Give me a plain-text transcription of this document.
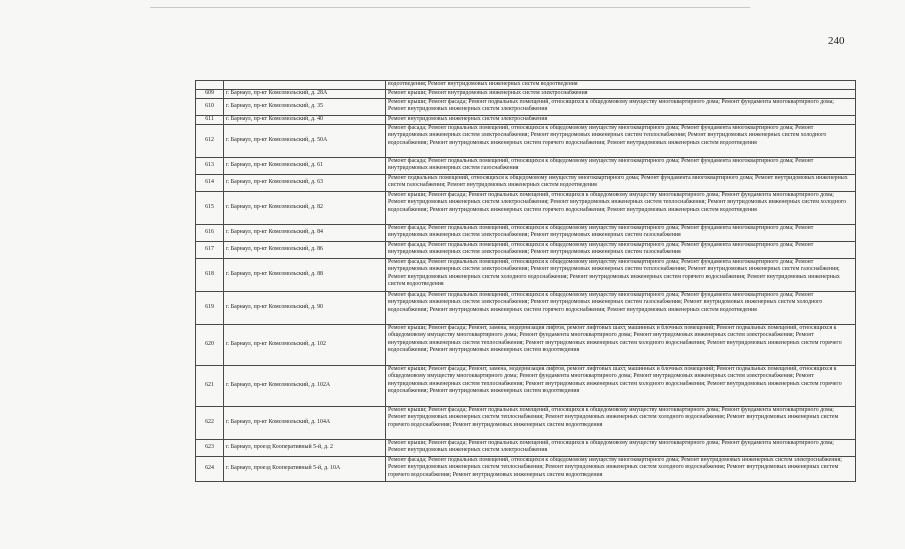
240
		водоотведения; Ремонт внутридомовых инженерных систем водоотведения
609	г. Барнаул, пр-кт Комсомольский, д. 28А	Ремонт крыши; Ремонт внутридомовых инженерных систем электроснабжения
610	г. Барнаул, пр-кт Комсомольский, д. 35	Ремонт крыши; Ремонт фасада; Ремонт подвальных помещений, относящихся к общедомовому имуществу многоквартирного дома; Ремонт фундамента многоквартирного дома; Ремонт внутридомовых инженерных систем электроснабжения
611	г. Барнаул, пр-кт Комсомольский, д. 40	Ремонт внутридомовых инженерных систем электроснабжения
612	г. Барнаул, пр-кт Комсомольский, д. 50А	Ремонт фасада; Ремонт подвальных помещений, относящихся к общедомовому имуществу многоквартирного дома; Ремонт фундамента многоквартирного дома; Ремонт внутридомовых инженерных систем электроснабжения; Ремонт внутридомовых инженерных систем теплоснабжения; Ремонт внутридомовых инженерных систем холодного водоснабжения; Ремонт внутридомовых инженерных систем горячего водоснабжения; Ремонт внутридомовых инженерных систем водоотведения
613	г. Барнаул, пр-кт Комсомольский, д. 61	Ремонт фасада; Ремонт подвальных помещений, относящихся к общедомовому имуществу многоквартирного дома; Ремонт фундамента многоквартирного дома; Ремонт внутридомовых инженерных систем газоснабжения
614	г. Барнаул, пр-кт Комсомольский, д. 63	Ремонт подвальных помещений, относящихся к общедомовому имуществу многоквартирного дома; Ремонт фундамента многоквартирного дома; Ремонт внутридомовых инженерных систем газоснабжения; Ремонт внутридомовых инженерных систем водоотведения
615	г. Барнаул, пр-кт Комсомольский, д. 82	Ремонт крыши; Ремонт фасада; Ремонт подвальных помещений, относящихся к общедомовому имуществу многоквартирного дома; Ремонт фундамента многоквартирного дома; Ремонт внутридомовых инженерных систем электроснабжения; Ремонт внутридомовых инженерных систем теплоснабжения; Ремонт внутридомовых инженерных систем холодного водоснабжения; Ремонт внутридомовых инженерных систем горячего водоснабжения; Ремонт внутридомовых инженерных систем водоотведения
616	г. Барнаул, пр-кт Комсомольский, д. 84	Ремонт фасада; Ремонт подвальных помещений, относящихся к общедомовому имуществу многоквартирного дома; Ремонт фундамента многоквартирного дома; Ремонт внутридомовых инженерных систем электроснабжения; Ремонт внутридомовых инженерных систем газоснабжения
617	г. Барнаул, пр-кт Комсомольский, д. 86	Ремонт фасада; Ремонт подвальных помещений, относящихся к общедомовому имуществу многоквартирного дома; Ремонт фундамента многоквартирного дома; Ремонт внутридомовых инженерных систем электроснабжения; Ремонт внутридомовых инженерных систем газоснабжения
618	г. Барнаул, пр-кт Комсомольский, д. 88	Ремонт фасада; Ремонт подвальных помещений, относящихся к общедомовому имуществу многоквартирного дома; Ремонт фундамента многоквартирного дома; Ремонт внутридомовых инженерных систем электроснабжения; Ремонт внутридомовых инженерных систем теплоснабжения; Ремонт внутридомовых инженерных систем газоснабжения; Ремонт внутридомовых инженерных систем холодного водоснабжения; Ремонт внутридомовых инженерных систем горячего водоснабжения; Ремонт внутридомовых инженерных систем водоотведения
619	г. Барнаул, пр-кт Комсомольский, д. 90	Ремонт фасада; Ремонт подвальных помещений, относящихся к общедомовому имуществу многоквартирного дома; Ремонт фундамента многоквартирного дома; Ремонт внутридомовых инженерных систем электроснабжения; Ремонт внутридомовых инженерных систем газоснабжения; Ремонт внутридомовых инженерных систем холодного водоснабжения; Ремонт внутридомовых инженерных систем горячего водоснабжения; Ремонт внутридомовых инженерных систем водоотведения
620	г. Барнаул, пр-кт Комсомольский, д. 102	Ремонт крыши; Ремонт фасада; Ремонт, замена, модернизация лифтов, ремонт лифтовых шахт, машинных и блочных помещений; Ремонт подвальных помещений, относящихся к общедомовому имуществу многоквартирного дома; Ремонт фундамента многоквартирного дома; Ремонт внутридомовых инженерных систем электроснабжения; Ремонт внутридомовых инженерных систем теплоснабжения; Ремонт внутридомовых инженерных систем холодного водоснабжения; Ремонт внутридомовых инженерных систем горячего водоснабжения; Ремонт внутридомовых инженерных систем водоотведения
621	г. Барнаул, пр-кт Комсомольский, д. 102А	Ремонт крыши; Ремонт фасада; Ремонт, замена, модернизация лифтов, ремонт лифтовых шахт, машинных и блочных помещений; Ремонт подвальных помещений, относящихся к общедомовому имуществу многоквартирного дома; Ремонт фундамента многоквартирного дома; Ремонт внутридомовых инженерных систем электроснабжения; Ремонт внутридомовых инженерных систем теплоснабжения; Ремонт внутридомовых инженерных систем холодного водоснабжения; Ремонт внутридомовых инженерных систем горячего водоснабжения; Ремонт внутридомовых инженерных систем водоотведения
622	г. Барнаул, пр-кт Комсомольский, д. 104А	Ремонт крыши; Ремонт фасада; Ремонт подвальных помещений, относящихся к общедомовому имуществу многоквартирного дома; Ремонт фундамента многоквартирного дома; Ремонт внутридомовых инженерных систем теплоснабжения; Ремонт внутридомовых инженерных систем холодного водоснабжения; Ремонт внутридомовых инженерных систем горячего водоснабжения; Ремонт внутридомовых инженерных систем водоотведения
623	г. Барнаул, проезд Кооперативный 5-й, д. 2	Ремонт крыши; Ремонт фасада; Ремонт подвальных помещений, относящихся к общедомовому имуществу многоквартирного дома; Ремонт фундамента многоквартирного дома; Ремонт внутридомовых инженерных систем электроснабжения
624	г. Барнаул, проезд Кооперативный 5-й, д. 10А	Ремонт фасада; Ремонт подвальных помещений, относящихся к общедомовому имуществу многоквартирного дома; Ремонт внутридомовых инженерных систем электроснабжения; Ремонт внутридомовых инженерных систем теплоснабжения; Ремонт внутридомовых инженерных систем холодного водоснабжения; Ремонт внутридомовых инженерных систем горячего водоснабжения; Ремонт внутридомовых инженерных систем водоотведения
